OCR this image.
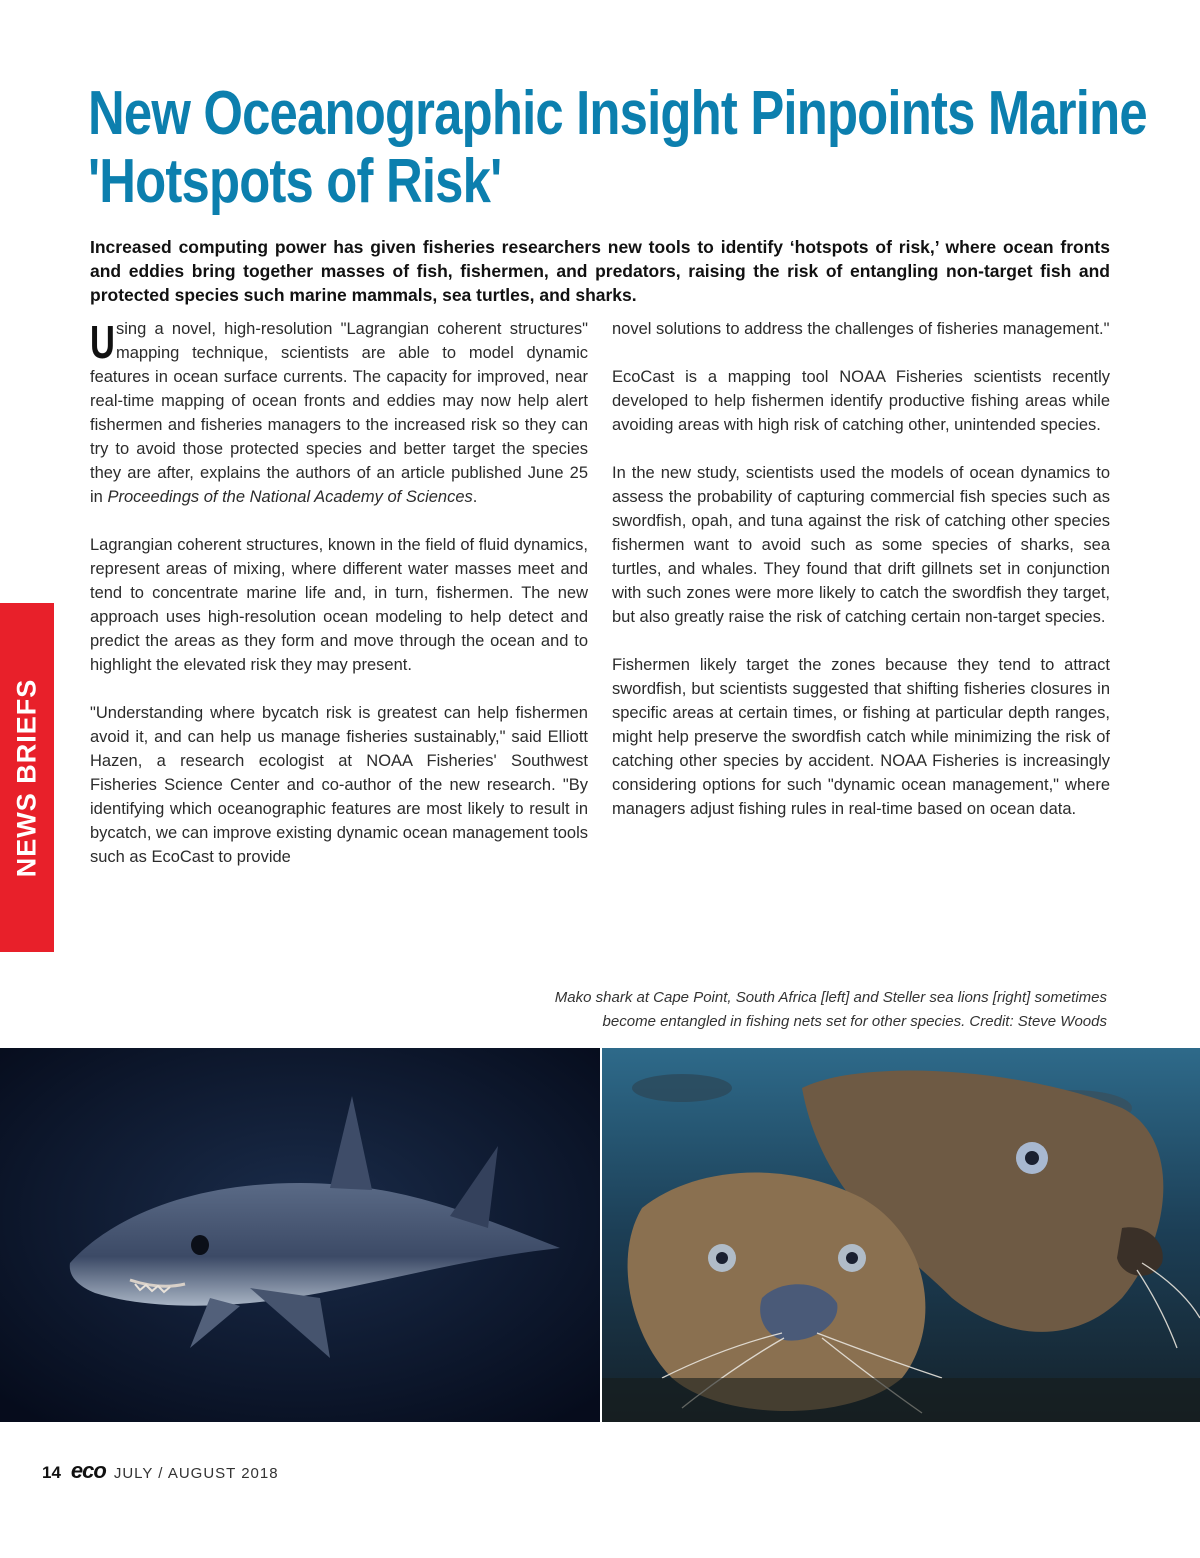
New Oceanographic Insight Pinpoints Marine
'Hotspots of Risk'

Increased computing power has given fisheries researchers new tools to identify ‘hotspots of risk,’ where ocean fronts and eddies bring together masses of fish, fishermen, and predators, raising the risk of entangling non-target fish and protected species such marine mammals, sea turtles, and sharks.

Using a novel, high-resolution "Lagrangian coherent structures" mapping technique, scientists are able to model dynamic features in ocean surface currents. The capacity for improved, near real-time mapping of ocean fronts and eddies may now help alert fishermen and fisheries managers to the increased risk so they can try to avoid those protected species and better target the species they are after, explains the authors of an article published June 25 in Proceedings of the National Academy of Sciences.

Lagrangian coherent structures, known in the field of fluid dynamics, represent areas of mixing, where different water masses meet and tend to concentrate marine life and, in turn, fishermen. The new approach uses high-resolution ocean modeling to help detect and predict the areas as they form and move through the ocean and to highlight the elevated risk they may present.

"Understanding where bycatch risk is greatest can help fishermen avoid it, and can help us manage fisheries sustainably," said Elliott Hazen, a research ecologist at NOAA Fisheries' Southwest Fisheries Science Center and co-author of the new research. "By identifying which oceanographic features are most likely to result in bycatch, we can improve existing dynamic ocean management tools such as EcoCast to provide

novel solutions to address the challenges of fisheries management."

EcoCast is a mapping tool NOAA Fisheries scientists recently developed to help fishermen identify productive fishing areas while avoiding areas with high risk of catching other, unintended species.

In the new study, scientists used the models of ocean dynamics to assess the probability of capturing commercial fish species such as swordfish, opah, and tuna against the risk of catching other species fishermen want to avoid such as some species of sharks, sea turtles, and whales. They found that drift gillnets set in conjunction with such zones were more likely to catch the swordfish they target, but also greatly raise the risk of catching certain non-target species.

Fishermen likely target the zones because they tend to attract swordfish, but scientists suggested that shifting fisheries closures in specific areas at certain times, or fishing at particular depth ranges, might help preserve the swordfish catch while minimizing the risk of catching other species by accident. NOAA Fisheries is increasingly considering options for such "dynamic ocean management," where managers adjust fishing rules in real-time based on ocean data.

NEWS BRIEFS

Mako shark at Cape Point, South Africa [left] and Steller sea lions [right] sometimes
become entangled in fishing nets set for other species. Credit: Steve Woods

14 eco JULY / AUGUST 2018
